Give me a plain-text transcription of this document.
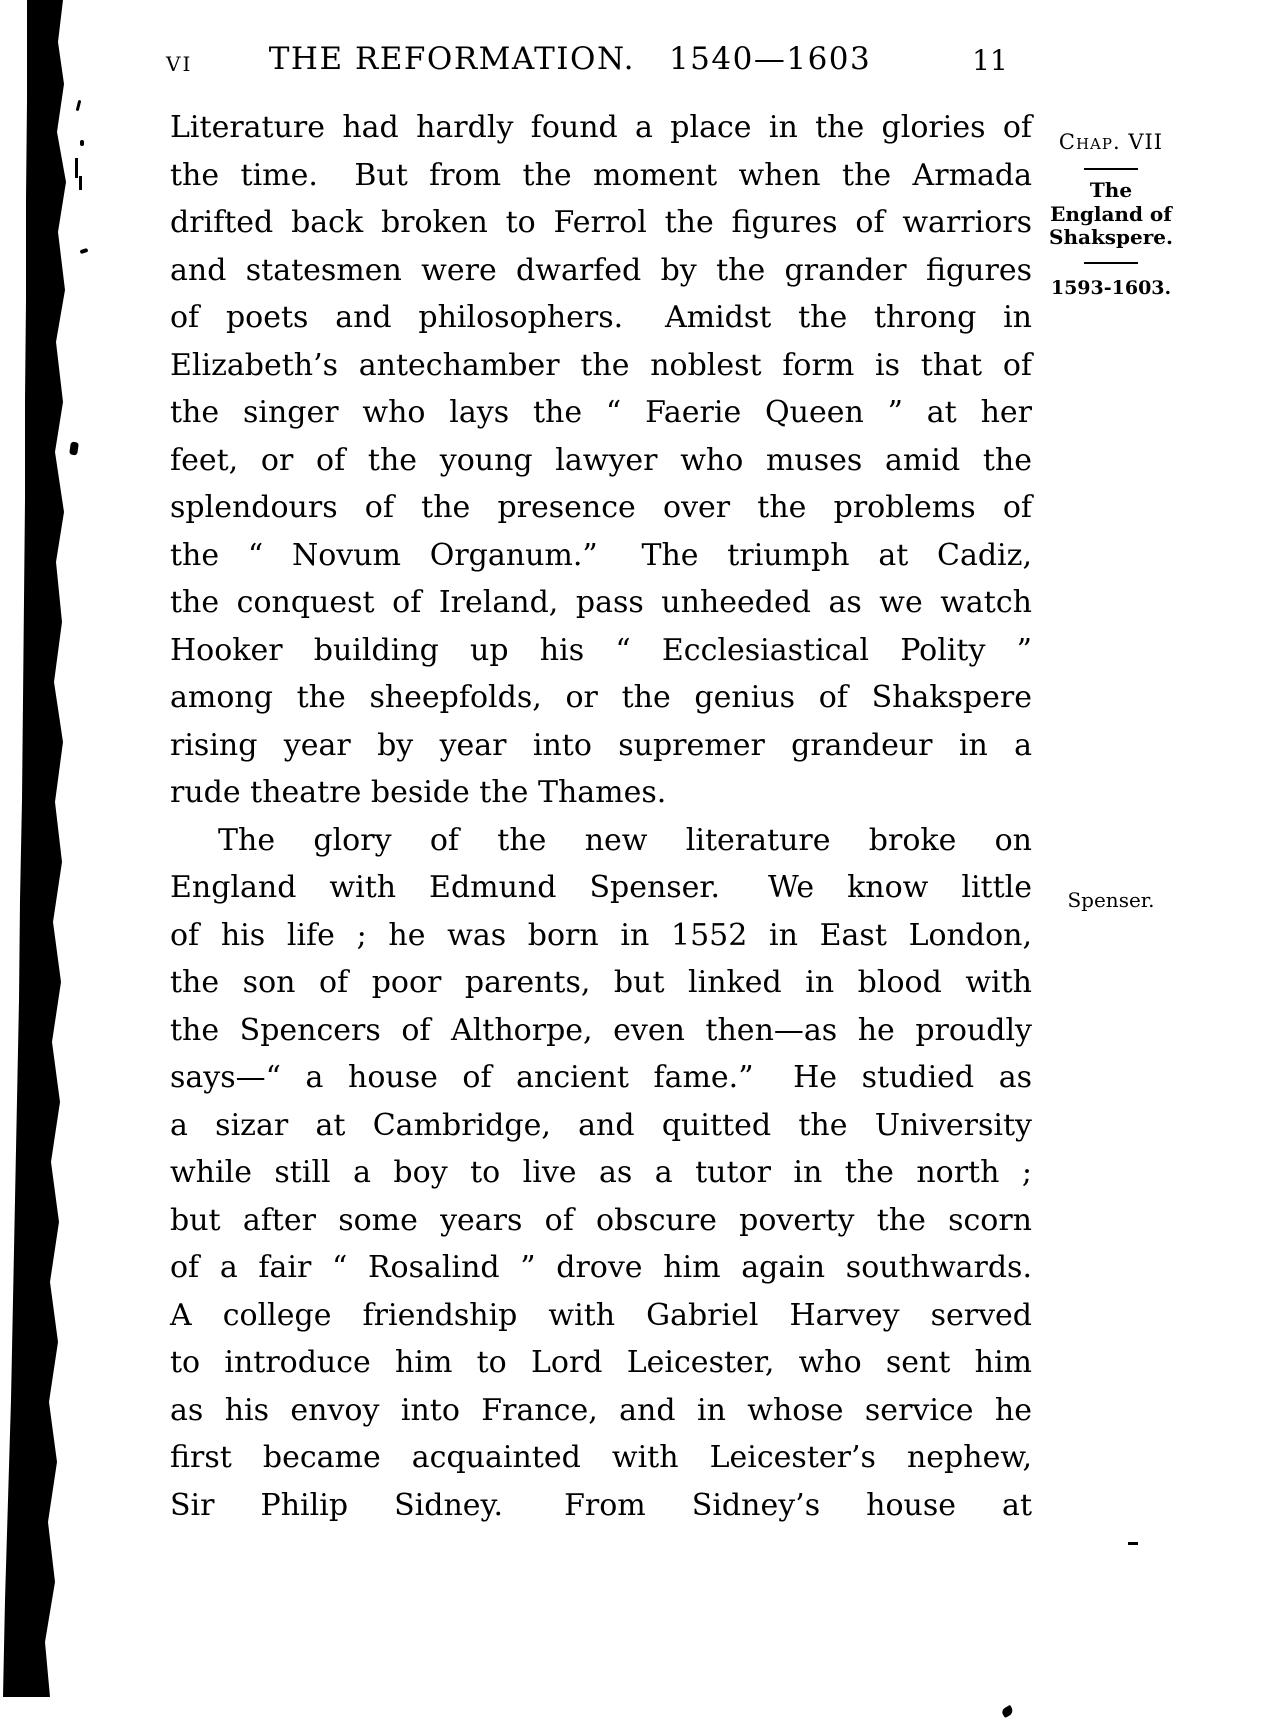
VI	THE REFORMATION. 1540—1603	11
Literature had hardly found a place in the glories of
the time.  But from the moment when the Armada
drifted back broken to Ferrol the figures of warriors
and statesmen were dwarfed by the grander figures
of poets and philosophers.  Amidst the throng in
Elizabeth’s antechamber the noblest form is that of
the singer who lays the “ Faerie Queen ” at her
feet, or of the young lawyer who muses amid the
splendours of the presence over the problems of
the “ Novum Organum.”  The triumph at Cadiz,
the conquest of Ireland, pass unheeded as we watch
Hooker building up his “ Ecclesiastical Polity ”
among the sheepfolds, or the genius of Shakspere
rising year by year into supremer grandeur in a
rude theatre beside the Thames.
The glory of the new literature broke on
England with Edmund Spenser.  We know little
of his life ; he was born in 1552 in East London,
the son of poor parents, but linked in blood with
the Spencers of Althorpe, even then—as he proudly
says—“ a house of ancient fame.”  He studied as
a sizar at Cambridge, and quitted the University
while still a boy to live as a tutor in the north ;
but after some years of obscure poverty the scorn
of a fair “ Rosalind ” drove him again southwards.
A college friendship with Gabriel Harvey served
to introduce him to Lord Leicester, who sent him
as his envoy into France, and in whose service he
first became acquainted with Leicester’s nephew,
Sir Philip Sidney.  From Sidney’s house at
Chap. VII
The
England of
Shakspere.
1593-1603.
Spenser.
